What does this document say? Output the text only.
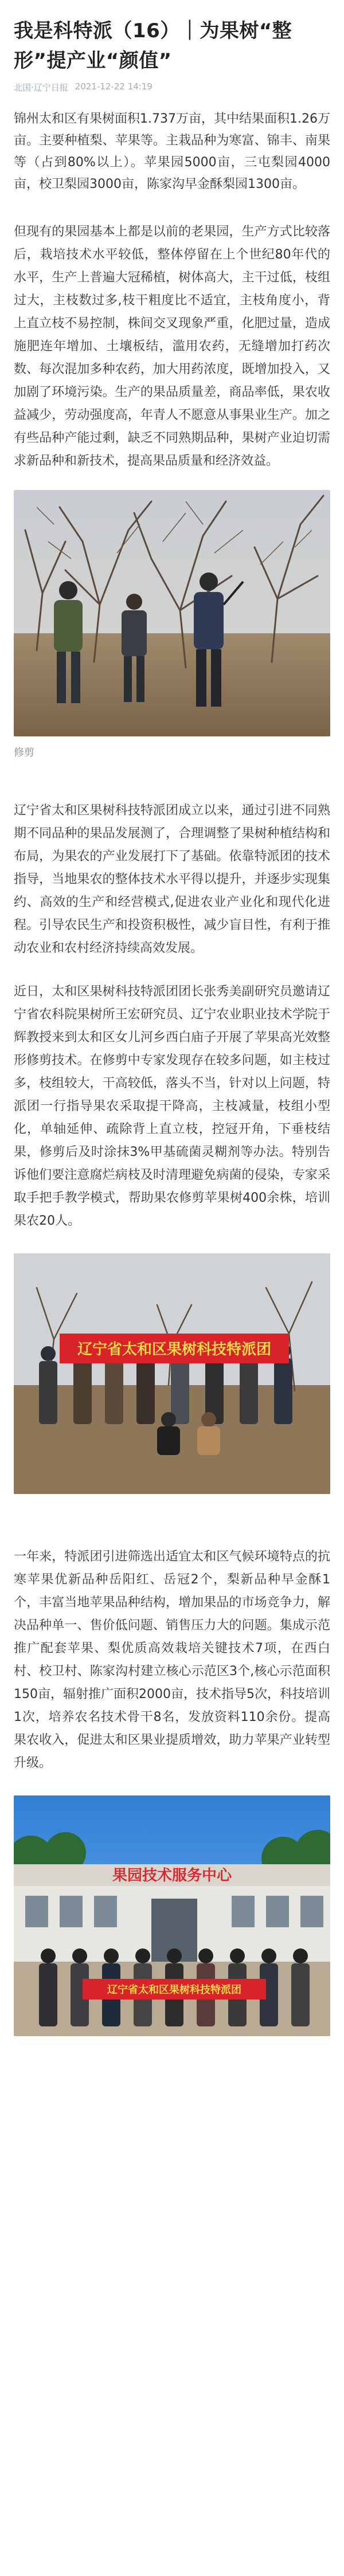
我是科特派（16）｜为果树“整形”提产业“颜值”
北国·辽宁日报 2021-12-22 14:19

锦州太和区有果树面积1.737万亩，其中结果面积1.26万亩。主要种植梨、苹果等。主栽品种为寒富、锦丰、南果等（占到80%以上）。苹果园5000亩，三屯梨园4000亩，校卫梨园3000亩，陈家沟早金酥梨园1300亩。

但现有的果园基本上都是以前的老果园，生产方式比较落后，栽培技术水平较低，整体停留在上个世纪80年代的水平，生产上普遍大冠稀植，树体高大，主干过低，枝组过大，主枝数过多,枝干粗度比不适宜，主枝角度小，背上直立枝不易控制，株间交叉现象严重，化肥过量，造成施肥连年增加、土壤板结，滥用农药，无缝增加打药次数、每次混加多种农药，加大用药浓度，既增加投入，又加剧了环境污染。生产的果品质量差，商品率低，果农收益减少，劳动强度高，年青人不愿意从事果业生产。加之有些品种产能过剩，缺乏不同熟期品种，果树产业迫切需求新品种和新技术，提高果品质量和经济效益。

修剪

辽宁省太和区果树科技特派团成立以来，通过引进不同熟期不同品种的果品发展测了，合理调整了果树种植结构和布局，为果农的产业发展打下了基础。依靠特派团的技术指导，当地果农的整体技术水平得以提升，并逐步实现集约、高效的生产和经营模式,促进农业产业化和现代化进程。引导农民生产和投资积极性，减少盲目性，有利于推动农业和农村经济持续高效发展。

近日，太和区果树科技特派团团长张秀美副研究员邀请辽宁省农科院果树所王宏研究员、辽宁农业职业技术学院于辉教授来到太和区女儿河乡西白庙子开展了苹果高光效整形修剪技术。在修剪中专家发现存在较多问题，如主枝过多，枝组较大，干高较低，落头不当，针对以上问题，特派团一行指导果农采取提干降高，主枝减量，枝组小型化，单轴延伸、疏除背上直立枝，控冠开角，下垂枝结果，修剪后及时涂抹3%甲基硫菌灵糊剂等办法。特别告诉他们要注意腐烂病枝及时清理避免病菌的侵染，专家采取手把手教学模式，帮助果农修剪苹果树400余株，培训果农20人。

辽宁省太和区果树科技特派团

一年来，特派团引进筛选出适宜太和区气候环境特点的抗寒苹果优新品种岳阳红、岳冠2个，梨新品种早金酥1个，丰富当地苹果品种结构，增加果品的市场竞争力，解决品种单一、售价低问题、销售压力大的问题。集成示范推广配套苹果、梨优质高效栽培关键技术7项，在西白村、校卫村、陈家沟村建立核心示范区3个,核心示范面积150亩，辐射推广面积2000亩，技术指导5次，科技培训1次，培养农名技术骨干8名，发放资料110余份。提高果农收入，促进太和区果业提质增效，助力苹果产业转型升级。

果园技术服务中心
辽宁省太和区果树科技特派团
